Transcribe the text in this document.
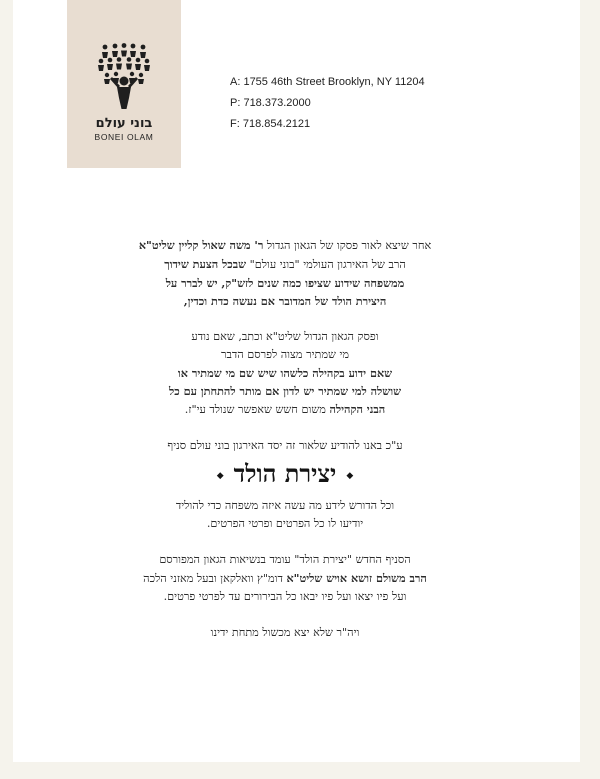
בוני עולם
BONEI OLAM
A: 1755 46th Street Brooklyn, NY 11204
P: 718.373.2000
F: 718.854.2121
אחר שיצא לאור פסקו של הגאון הגדול ר' משה שאול קליין שליט"א
הרב של האירגון העולמי "בוני עולם" שבכל הצעת שידוך
ממשפחה שידוע שציפו כמה שנים לזש"ק, יש לברר על
היצירת הולד של המדובר אם נעשה כדת וכדין,
ופסק הגאון הגדול שליט"א וכתב, שאם נודע
מי שמתיר מצוה לפרסם הדבר
שאם ידוע בקהילה כלשהו שיש שם מי שמתיר או
שושלה למי שמתיר יש לדון אם מותר להתחתן עם כל
הבני הקהילה משום חשש שאפשר שנולד עי"ז.
ע"כ באנו להודיע שלאור זה יסד האירגון בוני עולם סניף
◆יצירת הולד◆
וכל הדורש לידע מה עשה איזה משפחה כדי להוליד
יודיעו לו כל הפרטים ופרטי הפרטים.
הסניף החדש "יצירת הולד" עומד בנשיאות הגאון המפורסם
הרב משולם זושא אויש שליט"א דומ"ץ וואלקאן ובעל מאזני הלכה
ועל פיו יצאו ועל פיו יבאו כל הבירורים עד לפרטי פרטים.
ויה"ר שלא יצא מכשול מתחת ידינו
